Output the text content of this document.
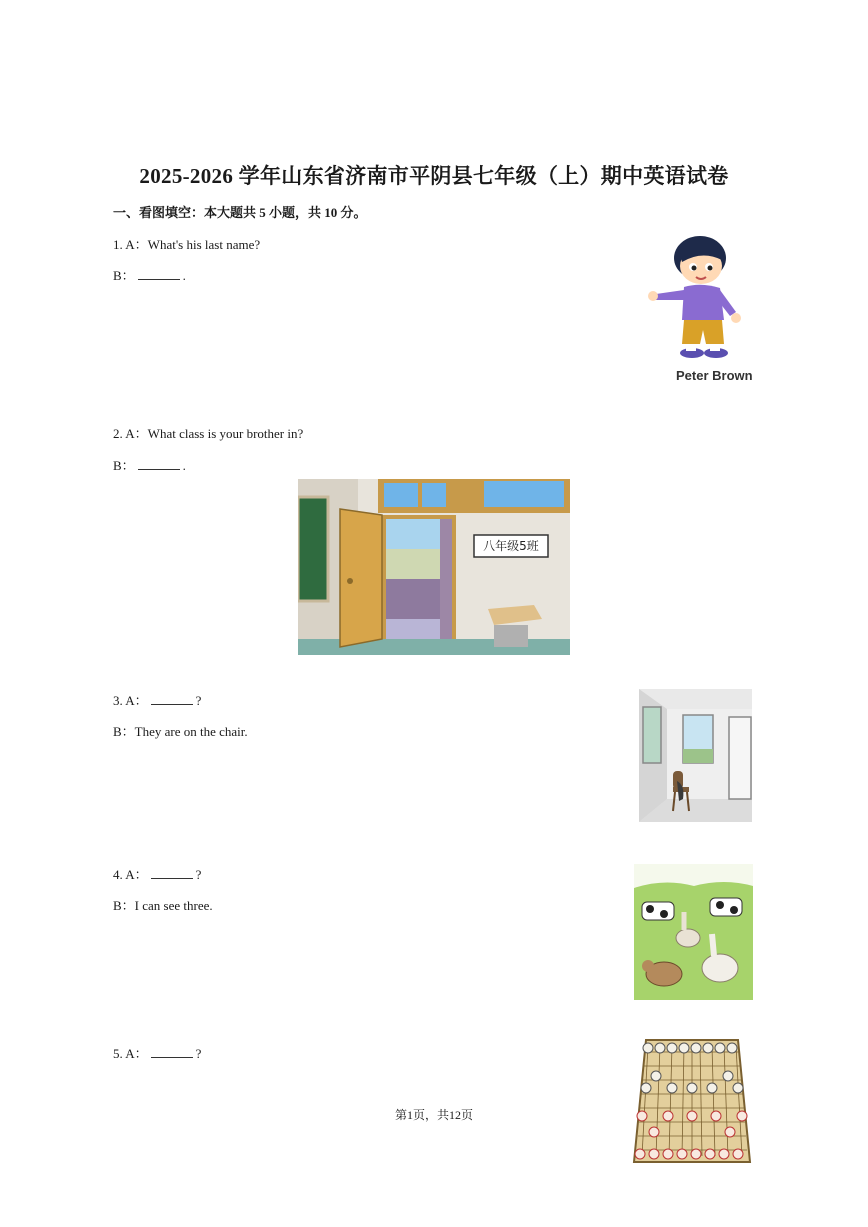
2025-2026 学年山东省济南市平阴县七年级（上）期中英语试卷
一、看图填空：本大题共 5 小题，共 10 分。
1. A：What's his last name?
B：	.
Peter Brown
2. A：What class is your brother in?
B：	.
八年级5班
3. A：	?
B：They are on the chair.
4. A：	?
B：I can see three.
5. A：	?
第1页，共12页
